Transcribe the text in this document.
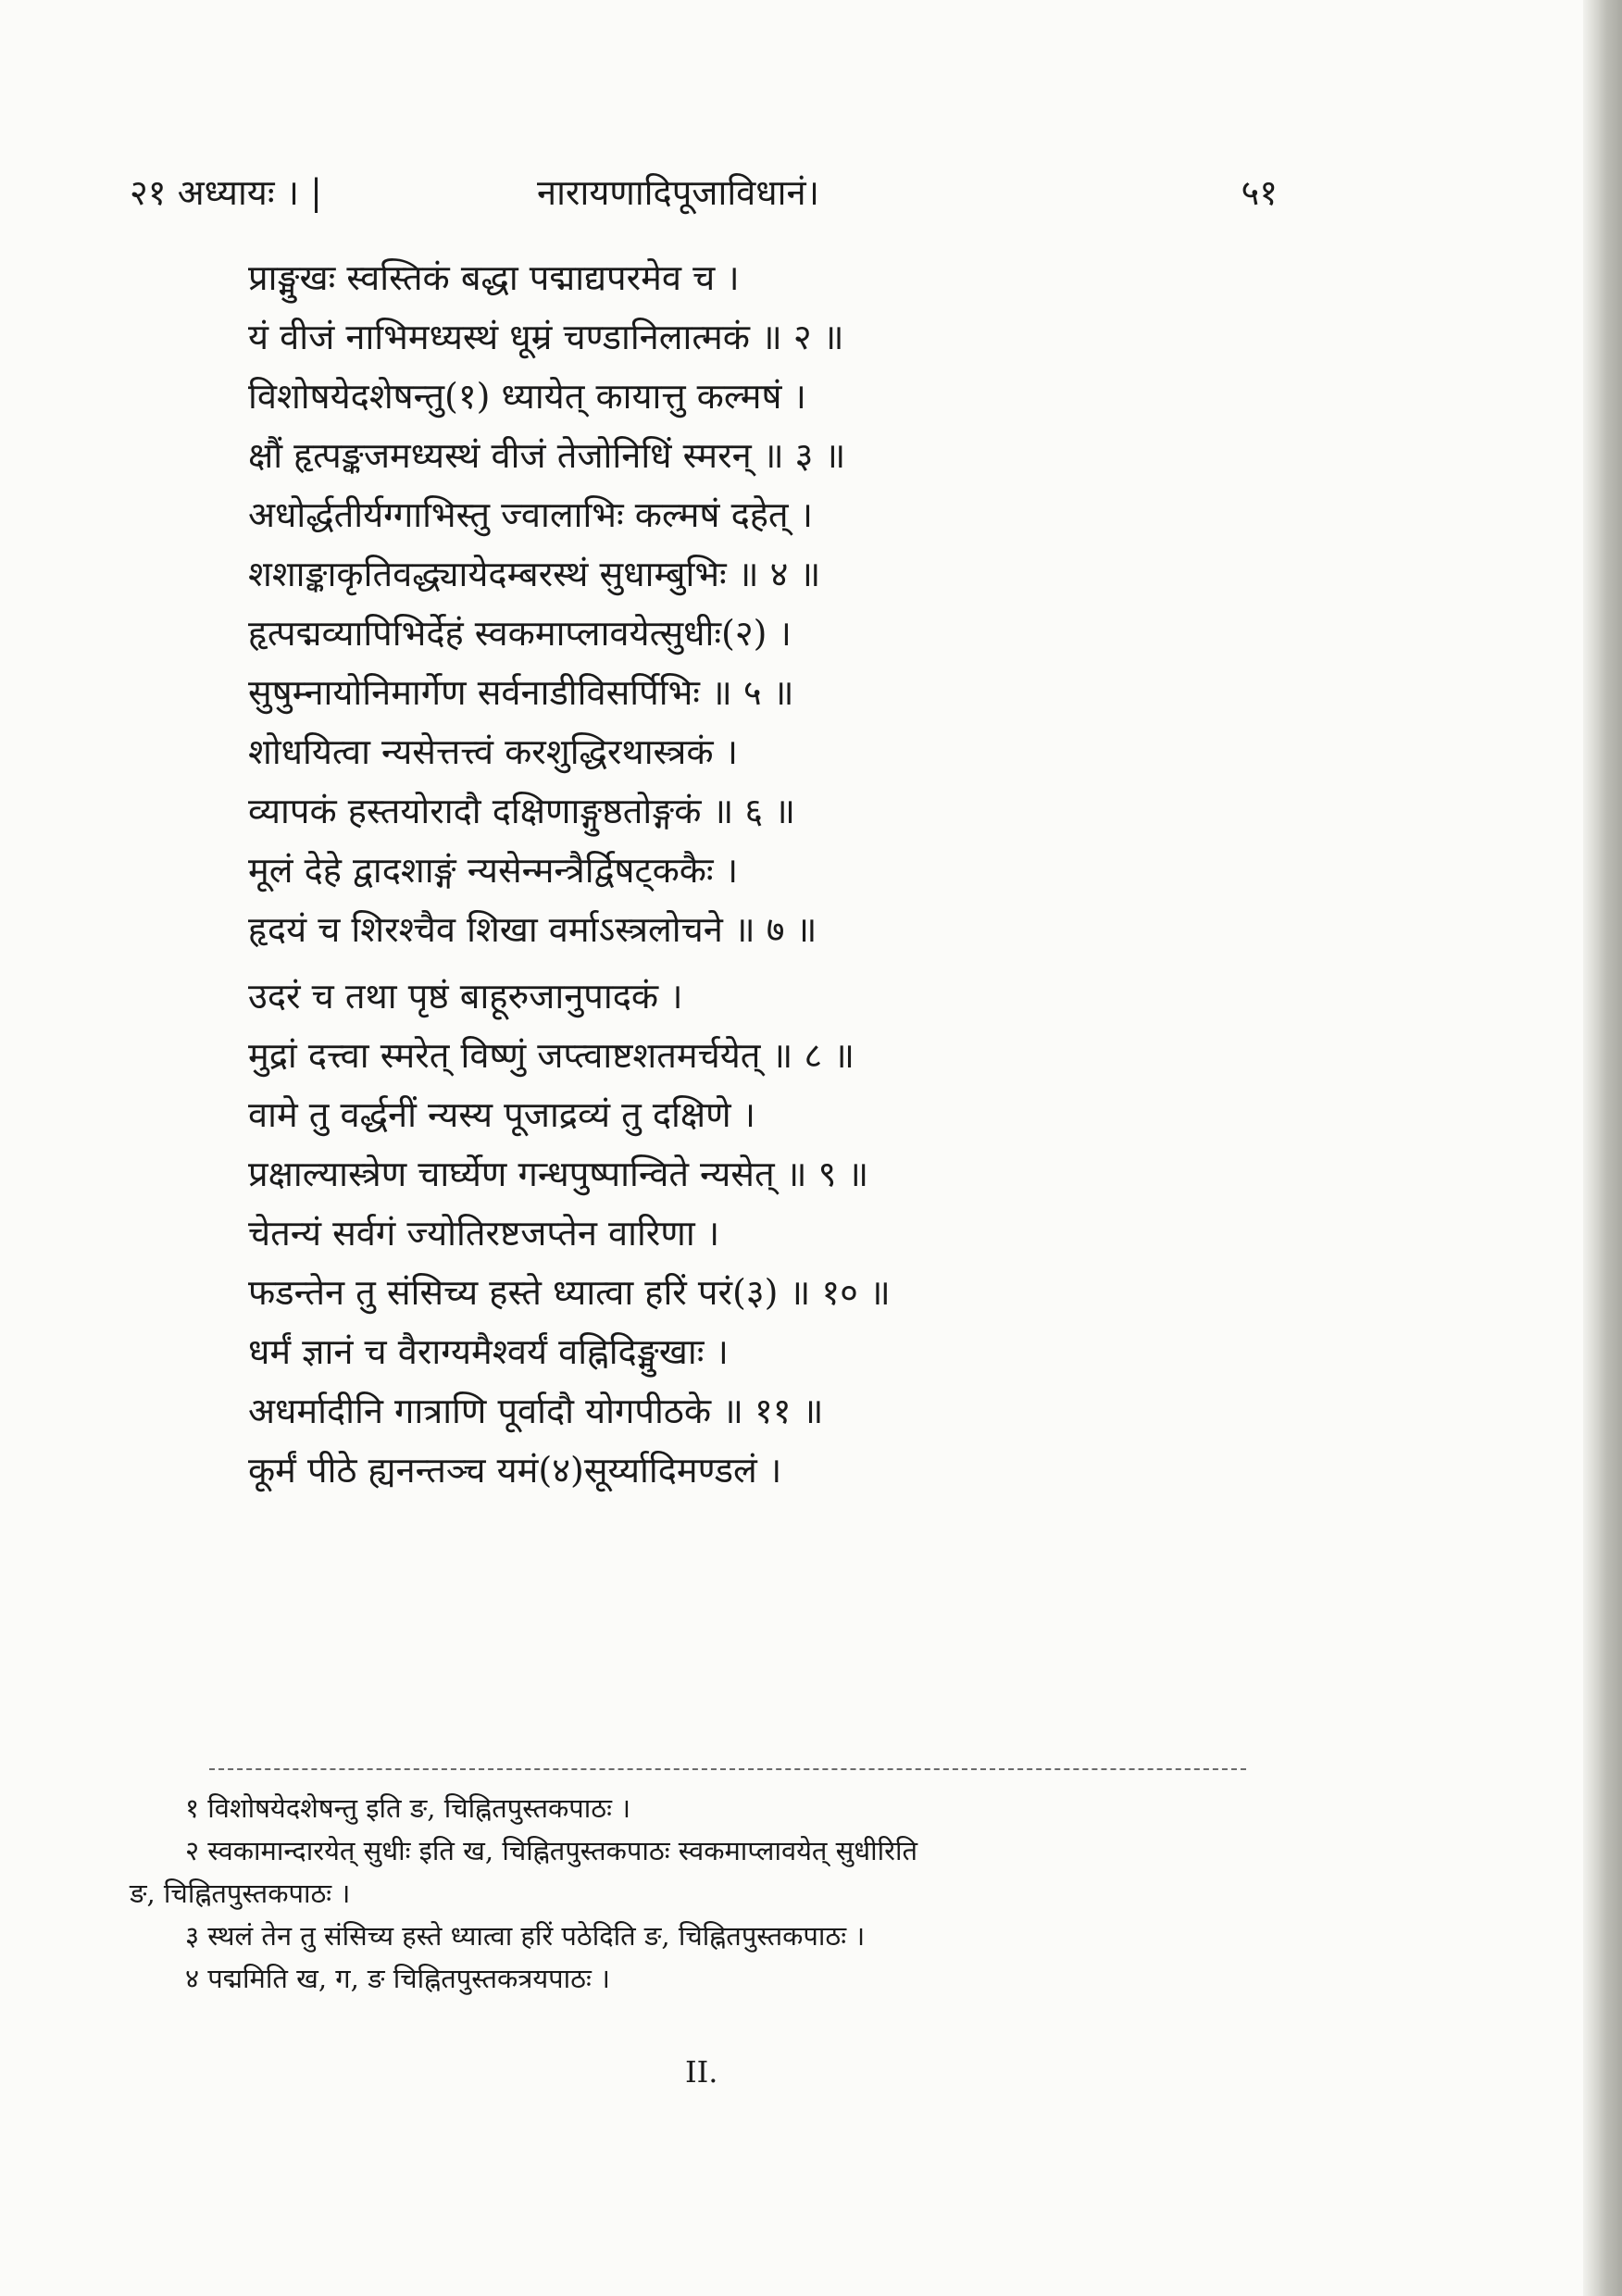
२१ अध्यायः । |	नारायणादिपूजाविधानं।	५१
प्राङ्मुखः स्वस्तिकं बद्धा पद्माद्यपरमेव च ।
यं वीजं नाभिमध्यस्थं धूम्रं चण्डानिलात्मकं ॥ २ ॥
विशोषयेदशेषन्तु(१) ध्यायेत् कायात्तु कल्मषं ।
क्षौं हृत्पङ्कजमध्यस्थं वीजं तेजोनिधिं स्मरन् ॥ ३ ॥
अधोर्द्धतीर्यग्गाभिस्तु ज्वालाभिः कल्मषं दहेत् ।
शशाङ्काकृतिवद्ध्यायेदम्बरस्थं सुधाम्बुभिः ॥ ४ ॥
हृत्पद्मव्यापिभिर्देहं स्वकमाप्लावयेत्सुधीः(२) ।
सुषुम्नायोनिमार्गेण सर्वनाडीविसर्पिभिः ॥ ५ ॥
शोधयित्वा न्यसेत्तत्त्वं करशुद्धिरथास्त्रकं ।
व्यापकं हस्तयोरादौ दक्षिणाङ्गुष्ठतोङ्गकं ॥ ६ ॥
मूलं देहे द्वादशाङ्गं न्यसेन्मन्त्रैर्द्विषट्ककैः ।
हृदयं च शिरश्चैव शिखा वर्माऽस्त्रलोचने ॥ ७ ॥
उदरं च तथा पृष्ठं बाहूरुजानुपादकं ।
मुद्रां दत्त्वा स्मरेत् विष्णुं जप्त्वाष्टशतमर्चयेत् ॥ ८ ॥
वामे तु वर्द्धनीं न्यस्य पूजाद्रव्यं तु दक्षिणे ।
प्रक्षाल्यास्त्रेण चार्घ्येण गन्धपुष्पान्विते न्यसेत् ॥ ९ ॥
चेतन्यं सर्वगं ज्योतिरष्टजप्तेन वारिणा ।
फडन्तेन तु संसिच्य हस्ते ध्यात्वा हरिं परं(३) ॥ १० ॥
धर्मं ज्ञानं च वैराग्यमैश्वर्यं वह्निदिङ्मुखाः ।
अधर्मादीनि गात्राणि पूर्वादौ योगपीठके ॥ ११ ॥
कूर्मं पीठे ह्यनन्तञ्च यमं(४)सूर्य्यादिमण्डलं ।
१ विशोषयेदशेषन्तु इति ङ, चिह्नितपुस्तकपाठः ।
२ स्वकामान्दारयेत् सुधीः इति ख, चिह्नितपुस्तकपाठः स्वकमाप्लावयेत् सुधीरिति
ङ, चिह्नितपुस्तकपाठः ।
३ स्थलं तेन तु संसिच्य हस्ते ध्यात्वा हरिं पठेदिति ङ, चिह्नितपुस्तकपाठः ।
४ पद्ममिति ख, ग, ङ चिह्नितपुस्तकत्रयपाठः ।
II.
